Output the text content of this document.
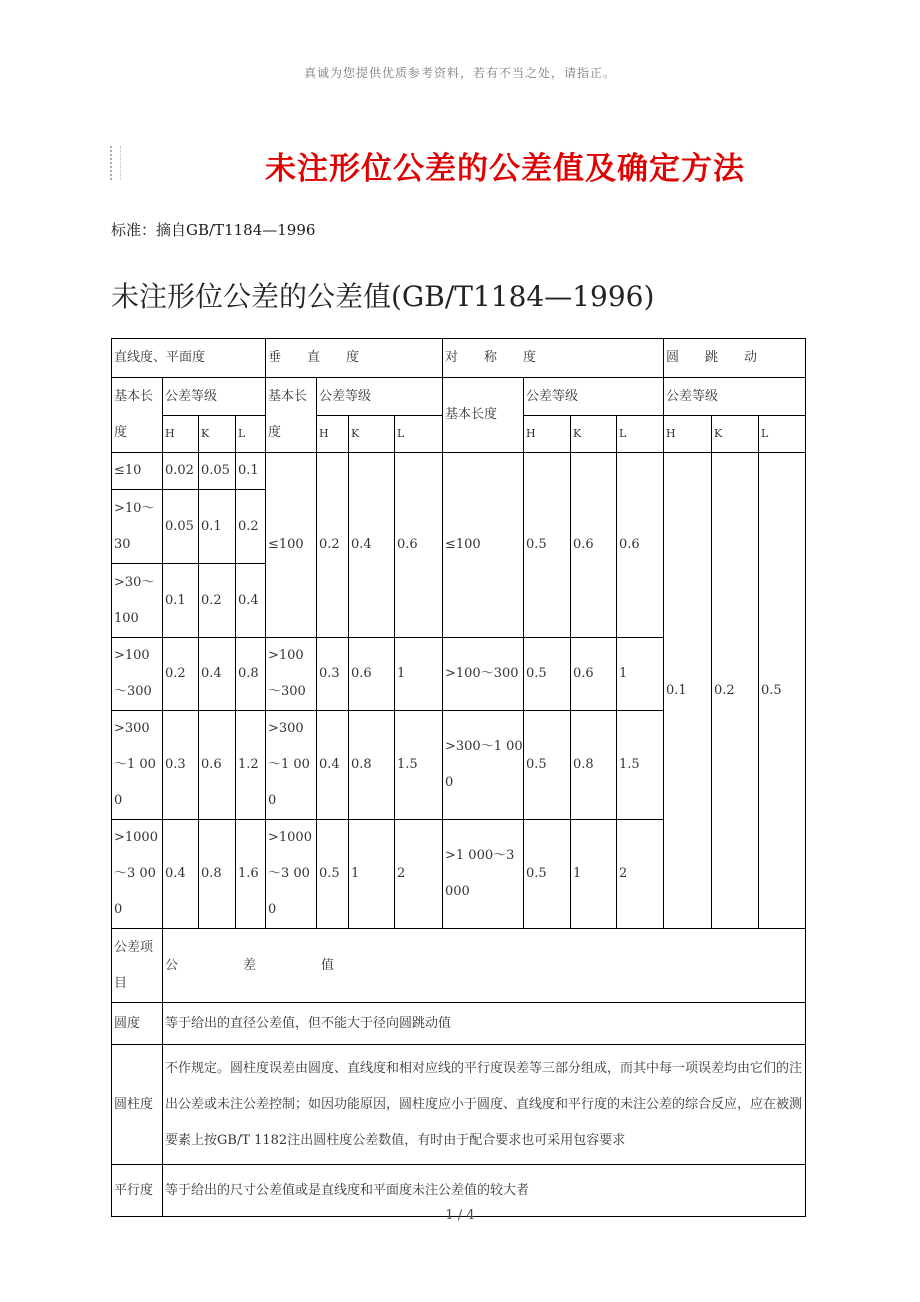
真诚为您提供优质参考资料，若有不当之处，请指正。
未注形位公差的公差值及确定方法
标准：摘自GB/T1184—1996
未注形位公差的公差值(GB/T1184—1996)
直线度、平面度				垂　　直　　度				对　　称　　度				圆　　跳　　动		
基本长度	公差等级			基本长度	公差等级			基本长度	公差等级			公差等级		
	H	K	L		H	K	L		H	K	L	H	K	L
≤10	0.02	0.05	0.1	≤100	0.2	0.4	0.6	≤100	0.5	0.6	0.6	0.1	0.2	0.5
>10～30	0.05	0.1	0.2											
>30～100	0.1	0.2	0.4											
>100～300	0.2	0.4	0.8	>100～300	0.3	0.6	1	>100～300	0.5	0.6	1			
>300～1 000	0.3	0.6	1.2	>300～1 000	0.4	0.8	1.5	>300～1 000	0.5	0.8	1.5			
>1000～3 000	0.4	0.8	1.6	>1000～3 000	0.5	1	2	>1 000～3 000	0.5	1	2			
公差项目	公　　　　　差　　　　　值													
圆度	等于给出的直径公差值，但不能大于径向圆跳动值													
圆柱度	不作规定。圆柱度误差由圆度、直线度和相对应线的平行度误差等三部分组成，而其中每一项误差均由它们的注出公差或未注公差控制；如因功能原因，圆柱度应小于圆度、直线度和平行度的未注公差的综合反应，应在被测要素上按GB/T 1182注出圆柱度公差数值，有时由于配合要求也可采用包容要求													
平行度	等于给出的尺寸公差值或是直线度和平面度未注公差值的较大者													
1 / 4
